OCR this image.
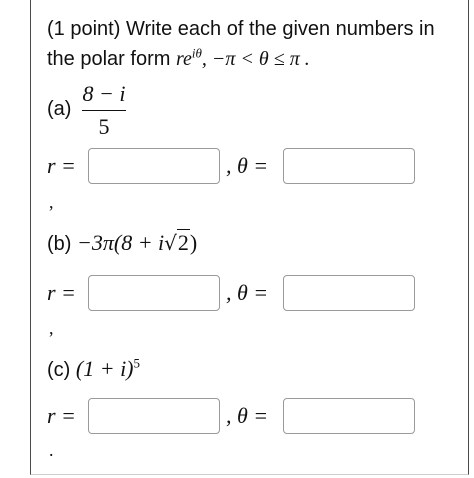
(1 point) Write each of the given numbers in the polar form $re^{i\theta}$, −π < θ ≤ π .
(a)
8 − i
5
r =	, θ =
,
(b) −3π(8 + i√2)
r =	, θ =
,
(c) $(1 + i)^5$
r =	, θ =
.
